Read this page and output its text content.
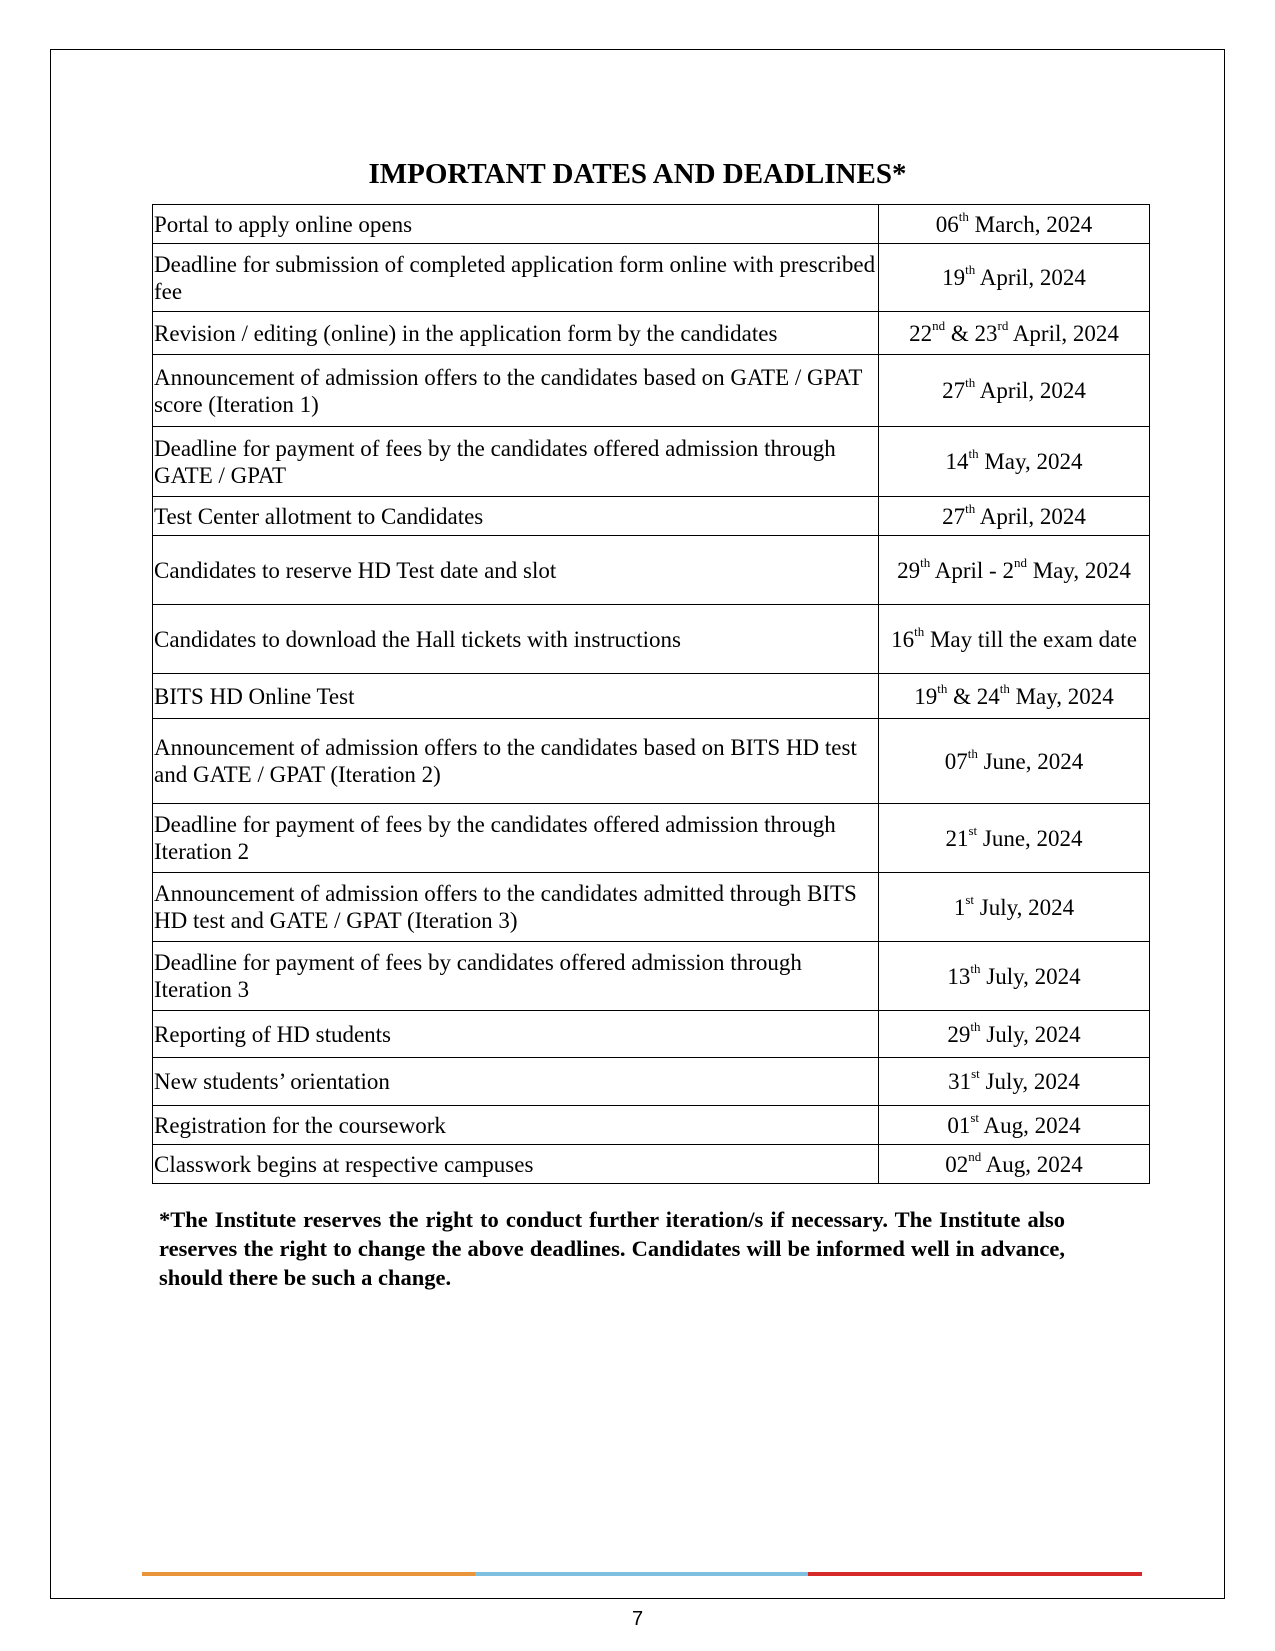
IMPORTANT DATES AND DEADLINES*
Portal to apply online opens	06th March, 2024
Deadline for submission of completed application form online with prescribed fee	19th April, 2024
Revision / editing (online) in the application form by the candidates	22nd & 23rd April, 2024
Announcement of admission offers to the candidates based on GATE / GPAT score (Iteration 1)	27th April, 2024
Deadline for payment of fees by the candidates offered admission through GATE / GPAT	14th May, 2024
Test Center allotment to Candidates	27th April, 2024
Candidates to reserve HD Test date and slot	29th April - 2nd May, 2024
Candidates to download the Hall tickets with instructions	16th May till the exam date
BITS HD Online Test	19th & 24th May, 2024
Announcement of admission offers to the candidates based on BITS HD test and GATE / GPAT (Iteration 2)	07th June, 2024
Deadline for payment of fees by the candidates offered admission through Iteration 2	21st June, 2024
Announcement of admission offers to the candidates admitted through BITS HD test and GATE / GPAT (Iteration 3)	1st July, 2024
Deadline for payment of fees by candidates offered admission through Iteration 3	13th July, 2024
Reporting of HD students	29th July, 2024
New students’ orientation	31st July, 2024
Registration for the coursework	01st Aug, 2024
Classwork begins at respective campuses	02nd Aug, 2024
*The Institute reserves the right to conduct further iteration/s if necessary. The Institute also reserves the right to change the above deadlines. Candidates will be informed well in advance, should there be such a change.
7
